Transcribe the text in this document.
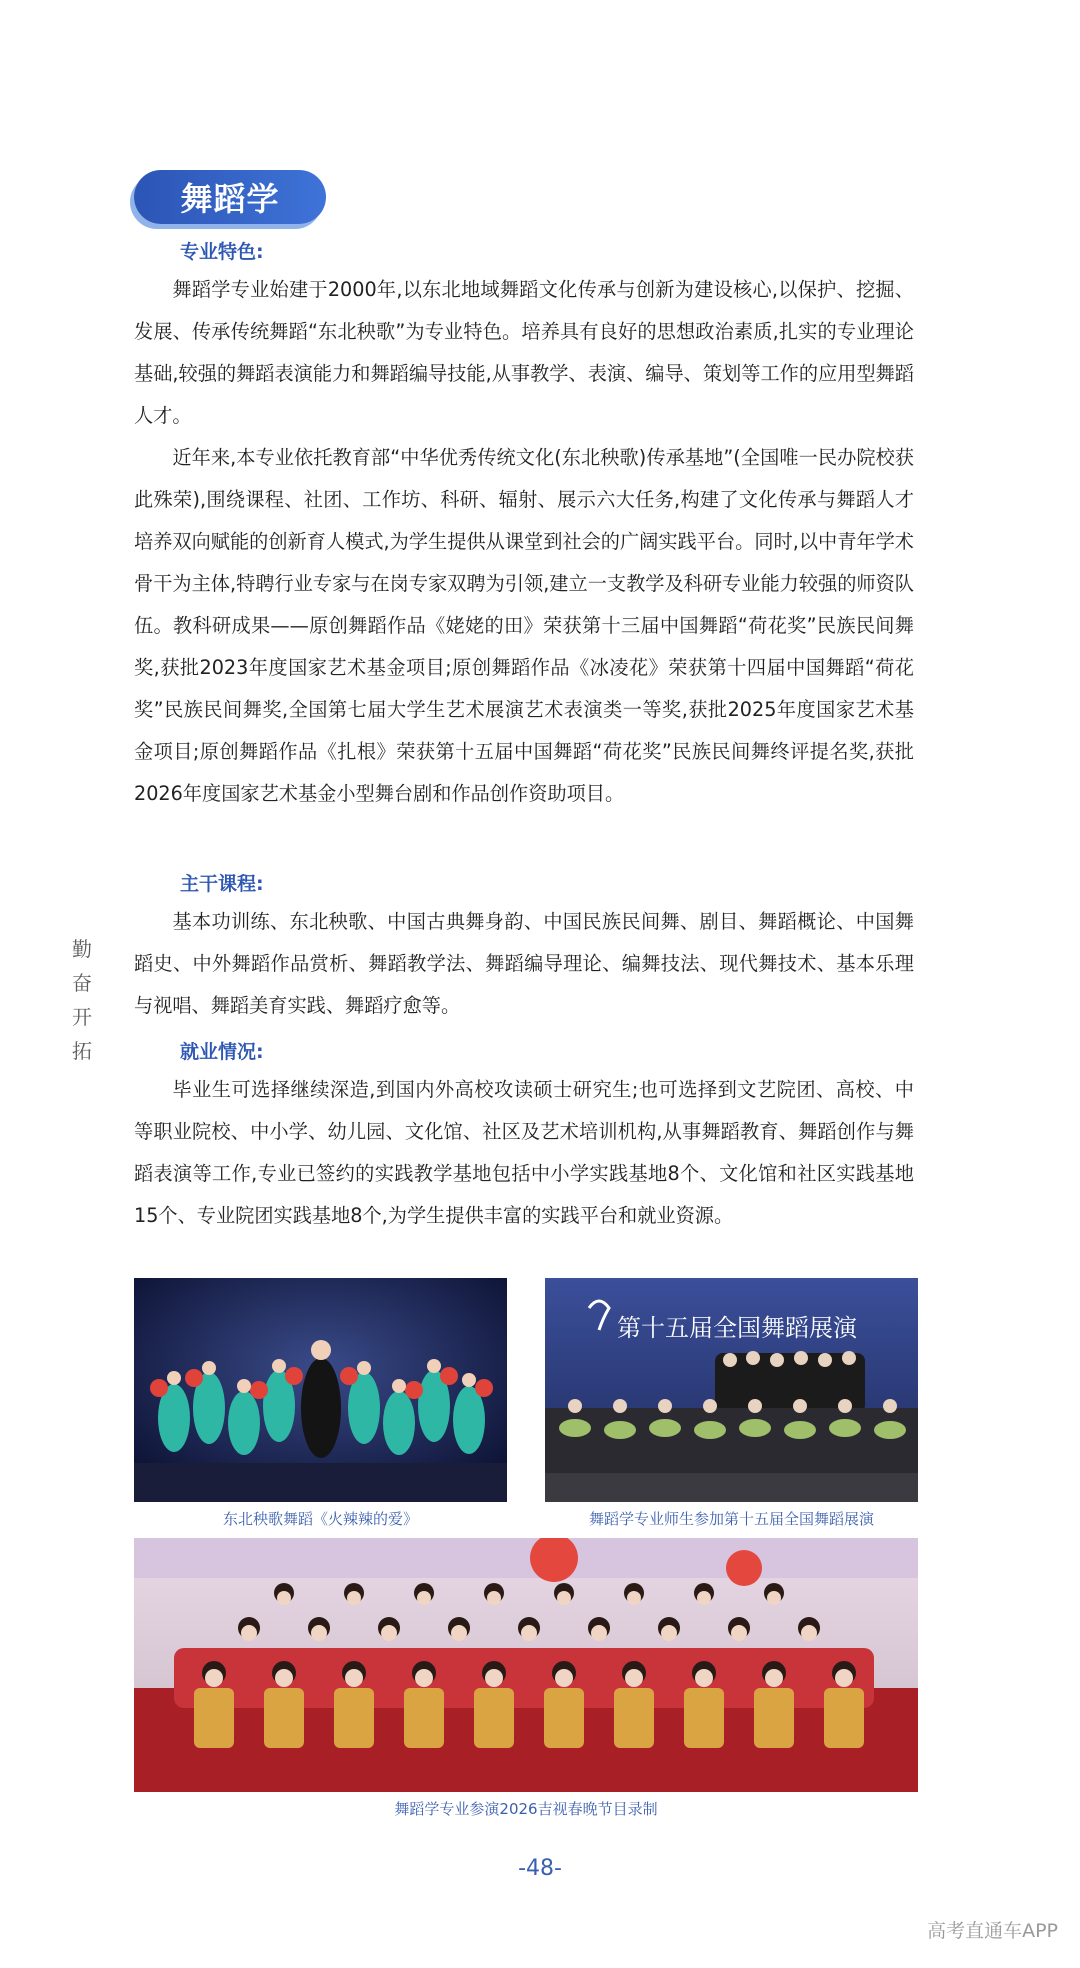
舞蹈学
专业特色:

舞蹈学专业始建于2000年,以东北地域舞蹈文化传承与创新为建设核心,以保护、挖掘、发展、传承传统舞蹈“东北秧歌”为专业特色。培养具有良好的思想政治素质,扎实的专业理论基础,较强的舞蹈表演能力和舞蹈编导技能,从事教学、表演、编导、策划等工作的应用型舞蹈人才。

近年来,本专业依托教育部“中华优秀传统文化(东北秧歌)传承基地”(全国唯一民办院校获此殊荣),围绕课程、社团、工作坊、科研、辐射、展示六大任务,构建了文化传承与舞蹈人才培养双向赋能的创新育人模式,为学生提供从课堂到社会的广阔实践平台。同时,以中青年学术骨干为主体,特聘行业专家与在岗专家双聘为引领,建立一支教学及科研专业能力较强的师资队伍。教科研成果——原创舞蹈作品《姥姥的田》荣获第十三届中国舞蹈“荷花奖”民族民间舞奖,获批2023年度国家艺术基金项目;原创舞蹈作品《冰凌花》荣获第十四届中国舞蹈“荷花奖”民族民间舞奖,全国第七届大学生艺术展演艺术表演类一等奖,获批2025年度国家艺术基金项目;原创舞蹈作品《扎根》荣获第十五届中国舞蹈“荷花奖”民族民间舞终评提名奖,获批2026年度国家艺术基金小型舞台剧和作品创作资助项目。

主干课程:

基本功训练、东北秧歌、中国古典舞身韵、中国民族民间舞、剧目、舞蹈概论、中国舞蹈史、中外舞蹈作品赏析、舞蹈教学法、舞蹈编导理论、编舞技法、现代舞技术、基本乐理与视唱、舞蹈美育实践、舞蹈疗愈等。

就业情况:

毕业生可选择继续深造,到国内外高校攻读硕士研究生;也可选择到文艺院团、高校、中等职业院校、中小学、幼儿园、文化馆、社区及艺术培训机构,从事舞蹈教育、舞蹈创作与舞蹈表演等工作,专业已签约的实践教学基地包括中小学实践基地8个、文化馆和社区实践基地15个、专业院团实践基地8个,为学生提供丰富的实践平台和就业资源。

勤奋 开拓
东北秧歌舞蹈《火辣辣的爱》
第十五届全国舞蹈展演
舞蹈学专业师生参加第十五届全国舞蹈展演
舞蹈学专业参演2026吉视春晚节目录制
-48-
高考直通车APP
